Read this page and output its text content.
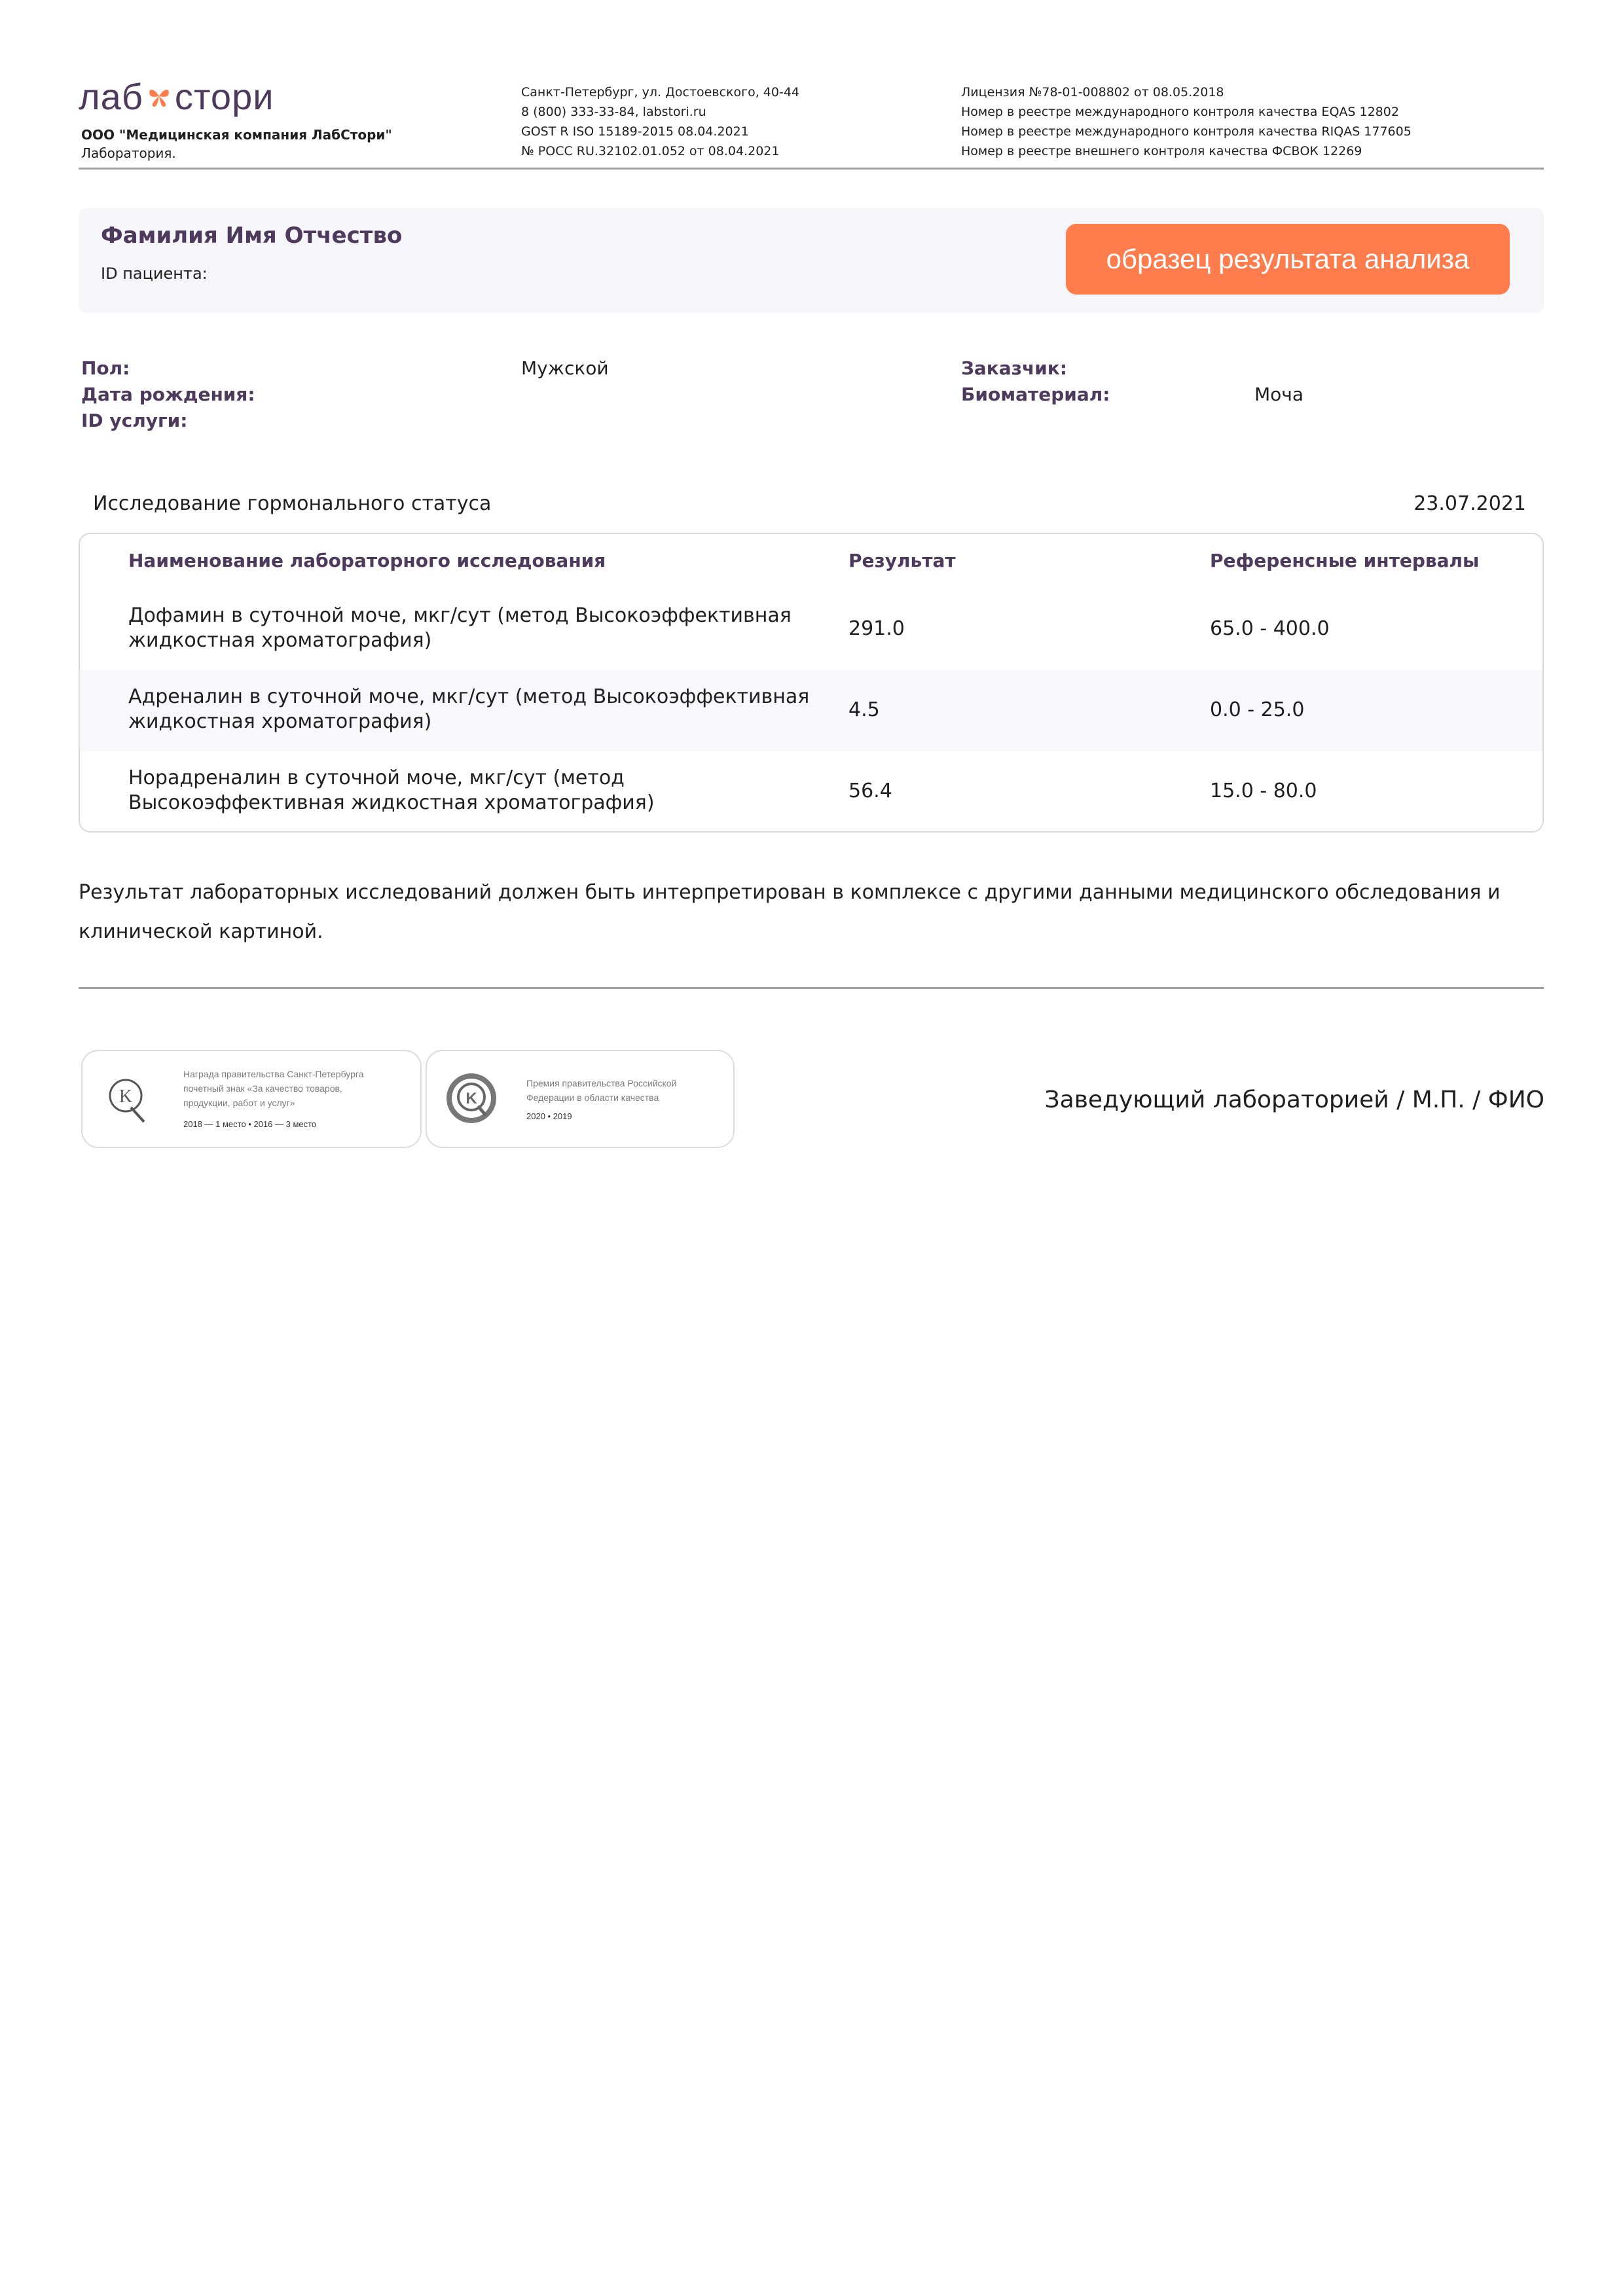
лаб стори
ООО "Медицинская компания ЛабСтори"
Лаборатория.
Санкт-Петербург, ул. Достоевского, 40-44
8 (800) 333-33-84, labstori.ru
GOST R ISO 15189-2015 08.04.2021
№ РОСС RU.32102.01.052 от 08.04.2021
Лицензия №78-01-008802 от 08.05.2018
Номер в реестре международного контроля качества EQAS 12802
Номер в реестре международного контроля качества RIQAS 177605
Номер в реестре внешнего контроля качества ФСВОК 12269
Фамилия Имя Отчество
ID пациента:	образец результата анализа
Пол:	Мужской
Дата рождения:
ID услуги:
Заказчик:
Биоматериал:	Моча
Исследование гормонального статуса	23.07.2021
Наименование лабораторного исследования	Результат	Референсные интервалы
Дофамин в суточной моче, мкг/сут (метод Высокоэффективная
жидкостная хроматография)
291.0	65.0 - 400.0
Адреналин в суточной моче, мкг/сут (метод Высокоэффективная
жидкостная хроматография)
4.5	0.0 - 25.0
Норадреналин в суточной моче, мкг/сут (метод
Высокоэффективная жидкостная хроматография)
56.4	15.0 - 80.0
Результат лабораторных исследований должен быть интерпретирован в комплексе с другими данными медицинского обследования и клинической картиной.
K
Награда правительства Санкт-Петербурга
почетный знак «За качество товаров,
продукции, работ и услуг»
2018 — 1 место • 2016 — 3 место
K
Премия правительства Российской
Федерации в области качества
2020 • 2019
Заведующий лабораторией / М.П. / ФИО
